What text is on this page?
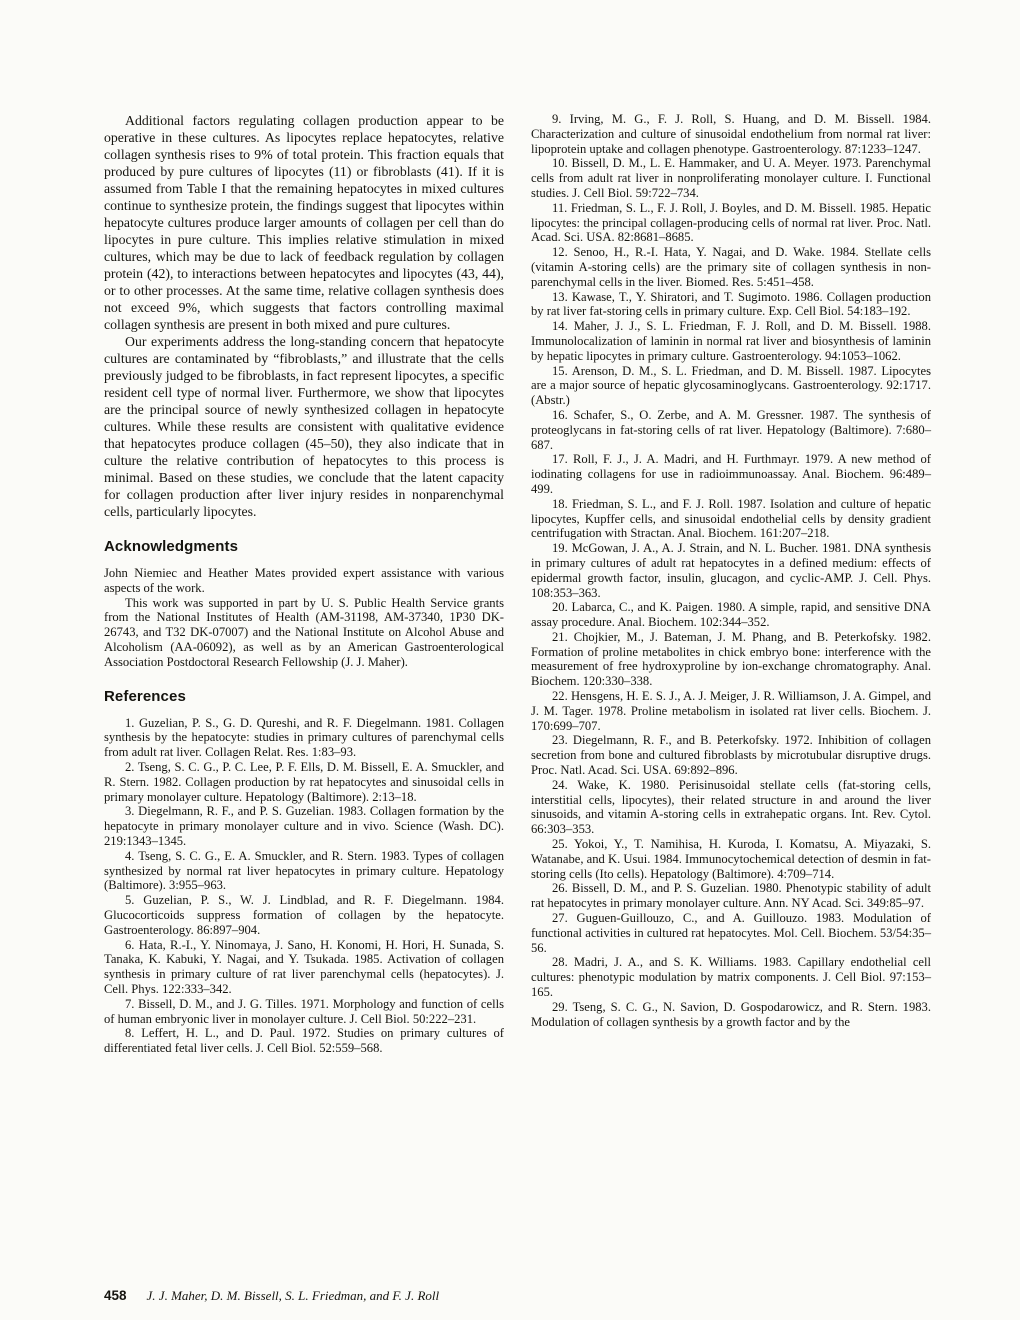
Additional factors regulating collagen production appear to be operative in these cultures. As lipocytes replace hepatocytes, relative collagen synthesis rises to 9% of total protein. This fraction equals that produced by pure cultures of lipocytes (11) or fibroblasts (41). If it is assumed from Table I that the remaining hepatocytes in mixed cultures continue to synthesize protein, the findings suggest that lipocytes within hepatocyte cultures produce larger amounts of collagen per cell than do lipocytes in pure culture. This implies relative stimulation in mixed cultures, which may be due to lack of feedback regulation by collagen protein (42), to interactions between hepatocytes and lipocytes (43, 44), or to other processes. At the same time, relative collagen synthesis does not exceed 9%, which suggests that factors controlling maximal collagen synthesis are present in both mixed and pure cultures.

Our experiments address the long-standing concern that hepatocyte cultures are contaminated by “fibroblasts,” and illustrate that the cells previously judged to be fibroblasts, in fact represent lipocytes, a specific resident cell type of normal liver. Furthermore, we show that lipocytes are the principal source of newly synthesized collagen in hepatocyte cultures. While these results are consistent with qualitative evidence that hepatocytes produce collagen (45–50), they also indicate that in culture the relative contribution of hepatocytes to this process is minimal. Based on these studies, we conclude that the latent capacity for collagen production after liver injury resides in nonparenchymal cells, particularly lipocytes.

Acknowledgments

John Niemiec and Heather Mates provided expert assistance with various aspects of the work.

This work was supported in part by U. S. Public Health Service grants from the National Institutes of Health (AM-31198, AM-37340, 1P30 DK-26743, and T32 DK-07007) and the National Institute on Alcohol Abuse and Alcoholism (AA-06092), as well as by an American Gastroenterological Association Postdoctoral Research Fellowship (J. J. Maher).

References

1. Guzelian, P. S., G. D. Qureshi, and R. F. Diegelmann. 1981. Collagen synthesis by the hepatocyte: studies in primary cultures of parenchymal cells from adult rat liver. Collagen Relat. Res. 1:83–93.

2. Tseng, S. C. G., P. C. Lee, P. F. Ells, D. M. Bissell, E. A. Smuckler, and R. Stern. 1982. Collagen production by rat hepatocytes and sinusoidal cells in primary monolayer culture. Hepatology (Baltimore). 2:13–18.

3. Diegelmann, R. F., and P. S. Guzelian. 1983. Collagen formation by the hepatocyte in primary monolayer culture and in vivo. Science (Wash. DC). 219:1343–1345.

4. Tseng, S. C. G., E. A. Smuckler, and R. Stern. 1983. Types of collagen synthesized by normal rat liver hepatocytes in primary culture. Hepatology (Baltimore). 3:955–963.

5. Guzelian, P. S., W. J. Lindblad, and R. F. Diegelmann. 1984. Glucocorticoids suppress formation of collagen by the hepatocyte. Gastroenterology. 86:897–904.

6. Hata, R.-I., Y. Ninomaya, J. Sano, H. Konomi, H. Hori, H. Sunada, S. Tanaka, K. Kabuki, Y. Nagai, and Y. Tsukada. 1985. Activation of collagen synthesis in primary culture of rat liver parenchymal cells (hepatocytes). J. Cell. Phys. 122:333–342.

7. Bissell, D. M., and J. G. Tilles. 1971. Morphology and function of cells of human embryonic liver in monolayer culture. J. Cell Biol. 50:222–231.

8. Leffert, H. L., and D. Paul. 1972. Studies on primary cultures of differentiated fetal liver cells. J. Cell Biol. 52:559–568.

9. Irving, M. G., F. J. Roll, S. Huang, and D. M. Bissell. 1984. Characterization and culture of sinusoidal endothelium from normal rat liver: lipoprotein uptake and collagen phenotype. Gastroenterology. 87:1233–1247.

10. Bissell, D. M., L. E. Hammaker, and U. A. Meyer. 1973. Parenchymal cells from adult rat liver in nonproliferating monolayer culture. I. Functional studies. J. Cell Biol. 59:722–734.

11. Friedman, S. L., F. J. Roll, J. Boyles, and D. M. Bissell. 1985. Hepatic lipocytes: the principal collagen-producing cells of normal rat liver. Proc. Natl. Acad. Sci. USA. 82:8681–8685.

12. Senoo, H., R.-I. Hata, Y. Nagai, and D. Wake. 1984. Stellate cells (vitamin A-storing cells) are the primary site of collagen synthesis in non-parenchymal cells in the liver. Biomed. Res. 5:451–458.

13. Kawase, T., Y. Shiratori, and T. Sugimoto. 1986. Collagen production by rat liver fat-storing cells in primary culture. Exp. Cell Biol. 54:183–192.

14. Maher, J. J., S. L. Friedman, F. J. Roll, and D. M. Bissell. 1988. Immunolocalization of laminin in normal rat liver and biosynthesis of laminin by hepatic lipocytes in primary culture. Gastroenterology. 94:1053–1062.

15. Arenson, D. M., S. L. Friedman, and D. M. Bissell. 1987. Lipocytes are a major source of hepatic glycosaminoglycans. Gastroenterology. 92:1717. (Abstr.)

16. Schafer, S., O. Zerbe, and A. M. Gressner. 1987. The synthesis of proteoglycans in fat-storing cells of rat liver. Hepatology (Baltimore). 7:680–687.

17. Roll, F. J., J. A. Madri, and H. Furthmayr. 1979. A new method of iodinating collagens for use in radioimmunoassay. Anal. Biochem. 96:489–499.

18. Friedman, S. L., and F. J. Roll. 1987. Isolation and culture of hepatic lipocytes, Kupffer cells, and sinusoidal endothelial cells by density gradient centrifugation with Stractan. Anal. Biochem. 161:207–218.

19. McGowan, J. A., A. J. Strain, and N. L. Bucher. 1981. DNA synthesis in primary cultures of adult rat hepatocytes in a defined medium: effects of epidermal growth factor, insulin, glucagon, and cyclic-AMP. J. Cell. Phys. 108:353–363.

20. Labarca, C., and K. Paigen. 1980. A simple, rapid, and sensitive DNA assay procedure. Anal. Biochem. 102:344–352.

21. Chojkier, M., J. Bateman, J. M. Phang, and B. Peterkofsky. 1982. Formation of proline metabolites in chick embryo bone: interference with the measurement of free hydroxyproline by ion-exchange chromatography. Anal. Biochem. 120:330–338.

22. Hensgens, H. E. S. J., A. J. Meiger, J. R. Williamson, J. A. Gimpel, and J. M. Tager. 1978. Proline metabolism in isolated rat liver cells. Biochem. J. 170:699–707.

23. Diegelmann, R. F., and B. Peterkofsky. 1972. Inhibition of collagen secretion from bone and cultured fibroblasts by microtubular disruptive drugs. Proc. Natl. Acad. Sci. USA. 69:892–896.

24. Wake, K. 1980. Perisinusoidal stellate cells (fat-storing cells, interstitial cells, lipocytes), their related structure in and around the liver sinusoids, and vitamin A-storing cells in extrahepatic organs. Int. Rev. Cytol. 66:303–353.

25. Yokoi, Y., T. Namihisa, H. Kuroda, I. Komatsu, A. Miyazaki, S. Watanabe, and K. Usui. 1984. Immunocytochemical detection of desmin in fat-storing cells (Ito cells). Hepatology (Baltimore). 4:709–714.

26. Bissell, D. M., and P. S. Guzelian. 1980. Phenotypic stability of adult rat hepatocytes in primary monolayer culture. Ann. NY Acad. Sci. 349:85–97.

27. Guguen-Guillouzo, C., and A. Guillouzo. 1983. Modulation of functional activities in cultured rat hepatocytes. Mol. Cell. Biochem. 53/54:35–56.

28. Madri, J. A., and S. K. Williams. 1983. Capillary endothelial cell cultures: phenotypic modulation by matrix components. J. Cell Biol. 97:153–165.

29. Tseng, S. C. G., N. Savion, D. Gospodarowicz, and R. Stern. 1983. Modulation of collagen synthesis by a growth factor and by the

458 J. J. Maher, D. M. Bissell, S. L. Friedman, and F. J. Roll
